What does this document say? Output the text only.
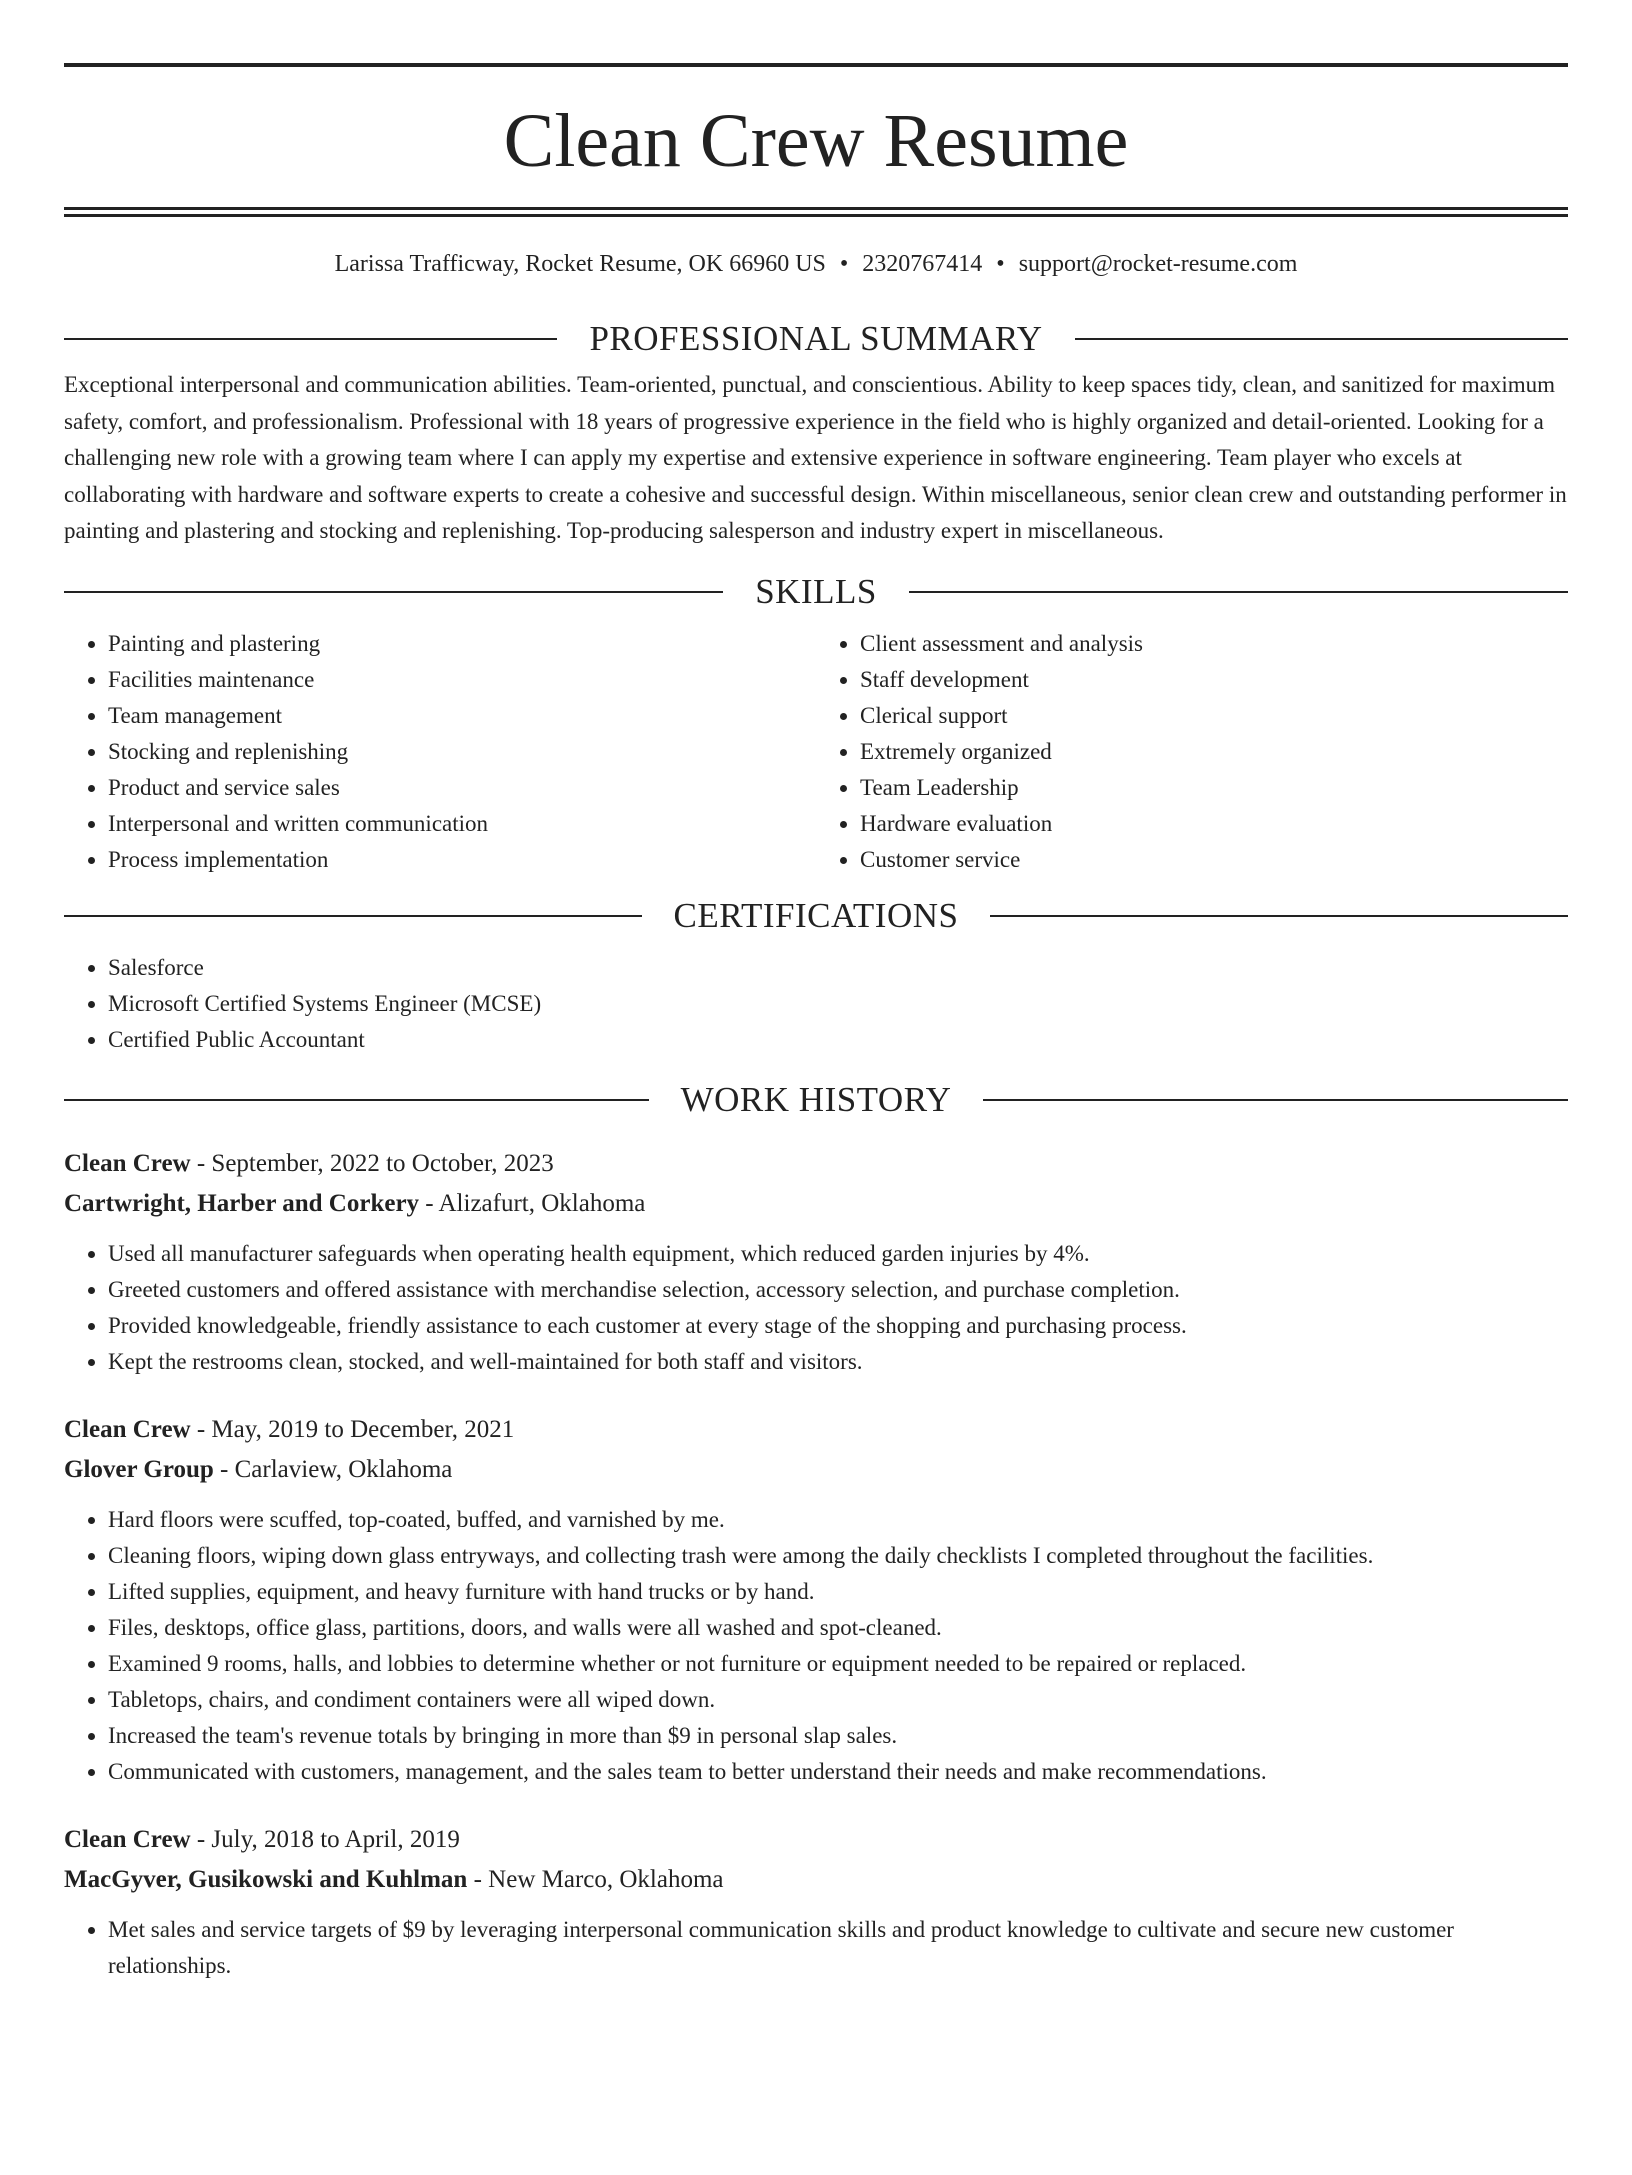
Clean Crew Resume
Larissa Trafficway, Rocket Resume, OK 66960 US • 2320767414 • support@rocket-resume.com
PROFESSIONAL SUMMARY
Exceptional interpersonal and communication abilities. Team-oriented, punctual, and conscientious. Ability to keep spaces tidy, clean, and sanitized for maximum safety, comfort, and professionalism. Professional with 18 years of progressive experience in the field who is highly organized and detail-oriented. Looking for a challenging new role with a growing team where I can apply my expertise and extensive experience in software engineering. Team player who excels at collaborating with hardware and software experts to create a cohesive and successful design. Within miscellaneous, senior clean crew and outstanding performer in painting and plastering and stocking and replenishing. Top-producing salesperson and industry expert in miscellaneous.
SKILLS
• Painting and plastering
• Facilities maintenance
• Team management
• Stocking and replenishing
• Product and service sales
• Interpersonal and written communication
• Process implementation
• Client assessment and analysis
• Staff development
• Clerical support
• Extremely organized
• Team Leadership
• Hardware evaluation
• Customer service
CERTIFICATIONS
• Salesforce
• Microsoft Certified Systems Engineer (MCSE)
• Certified Public Accountant
WORK HISTORY
Clean Crew - September, 2022 to October, 2023
Cartwright, Harber and Corkery - Alizafurt, Oklahoma
• Used all manufacturer safeguards when operating health equipment, which reduced garden injuries by 4%.
• Greeted customers and offered assistance with merchandise selection, accessory selection, and purchase completion.
• Provided knowledgeable, friendly assistance to each customer at every stage of the shopping and purchasing process.
• Kept the restrooms clean, stocked, and well-maintained for both staff and visitors.
Clean Crew - May, 2019 to December, 2021
Glover Group - Carlaview, Oklahoma
• Hard floors were scuffed, top-coated, buffed, and varnished by me.
• Cleaning floors, wiping down glass entryways, and collecting trash were among the daily checklists I completed throughout the facilities.
• Lifted supplies, equipment, and heavy furniture with hand trucks or by hand.
• Files, desktops, office glass, partitions, doors, and walls were all washed and spot-cleaned.
• Examined 9 rooms, halls, and lobbies to determine whether or not furniture or equipment needed to be repaired or replaced.
• Tabletops, chairs, and condiment containers were all wiped down.
• Increased the team's revenue totals by bringing in more than $9 in personal slap sales.
• Communicated with customers, management, and the sales team to better understand their needs and make recommendations.
Clean Crew - July, 2018 to April, 2019
MacGyver, Gusikowski and Kuhlman - New Marco, Oklahoma
• Met sales and service targets of $9 by leveraging interpersonal communication skills and product knowledge to cultivate and secure new customer relationships.
